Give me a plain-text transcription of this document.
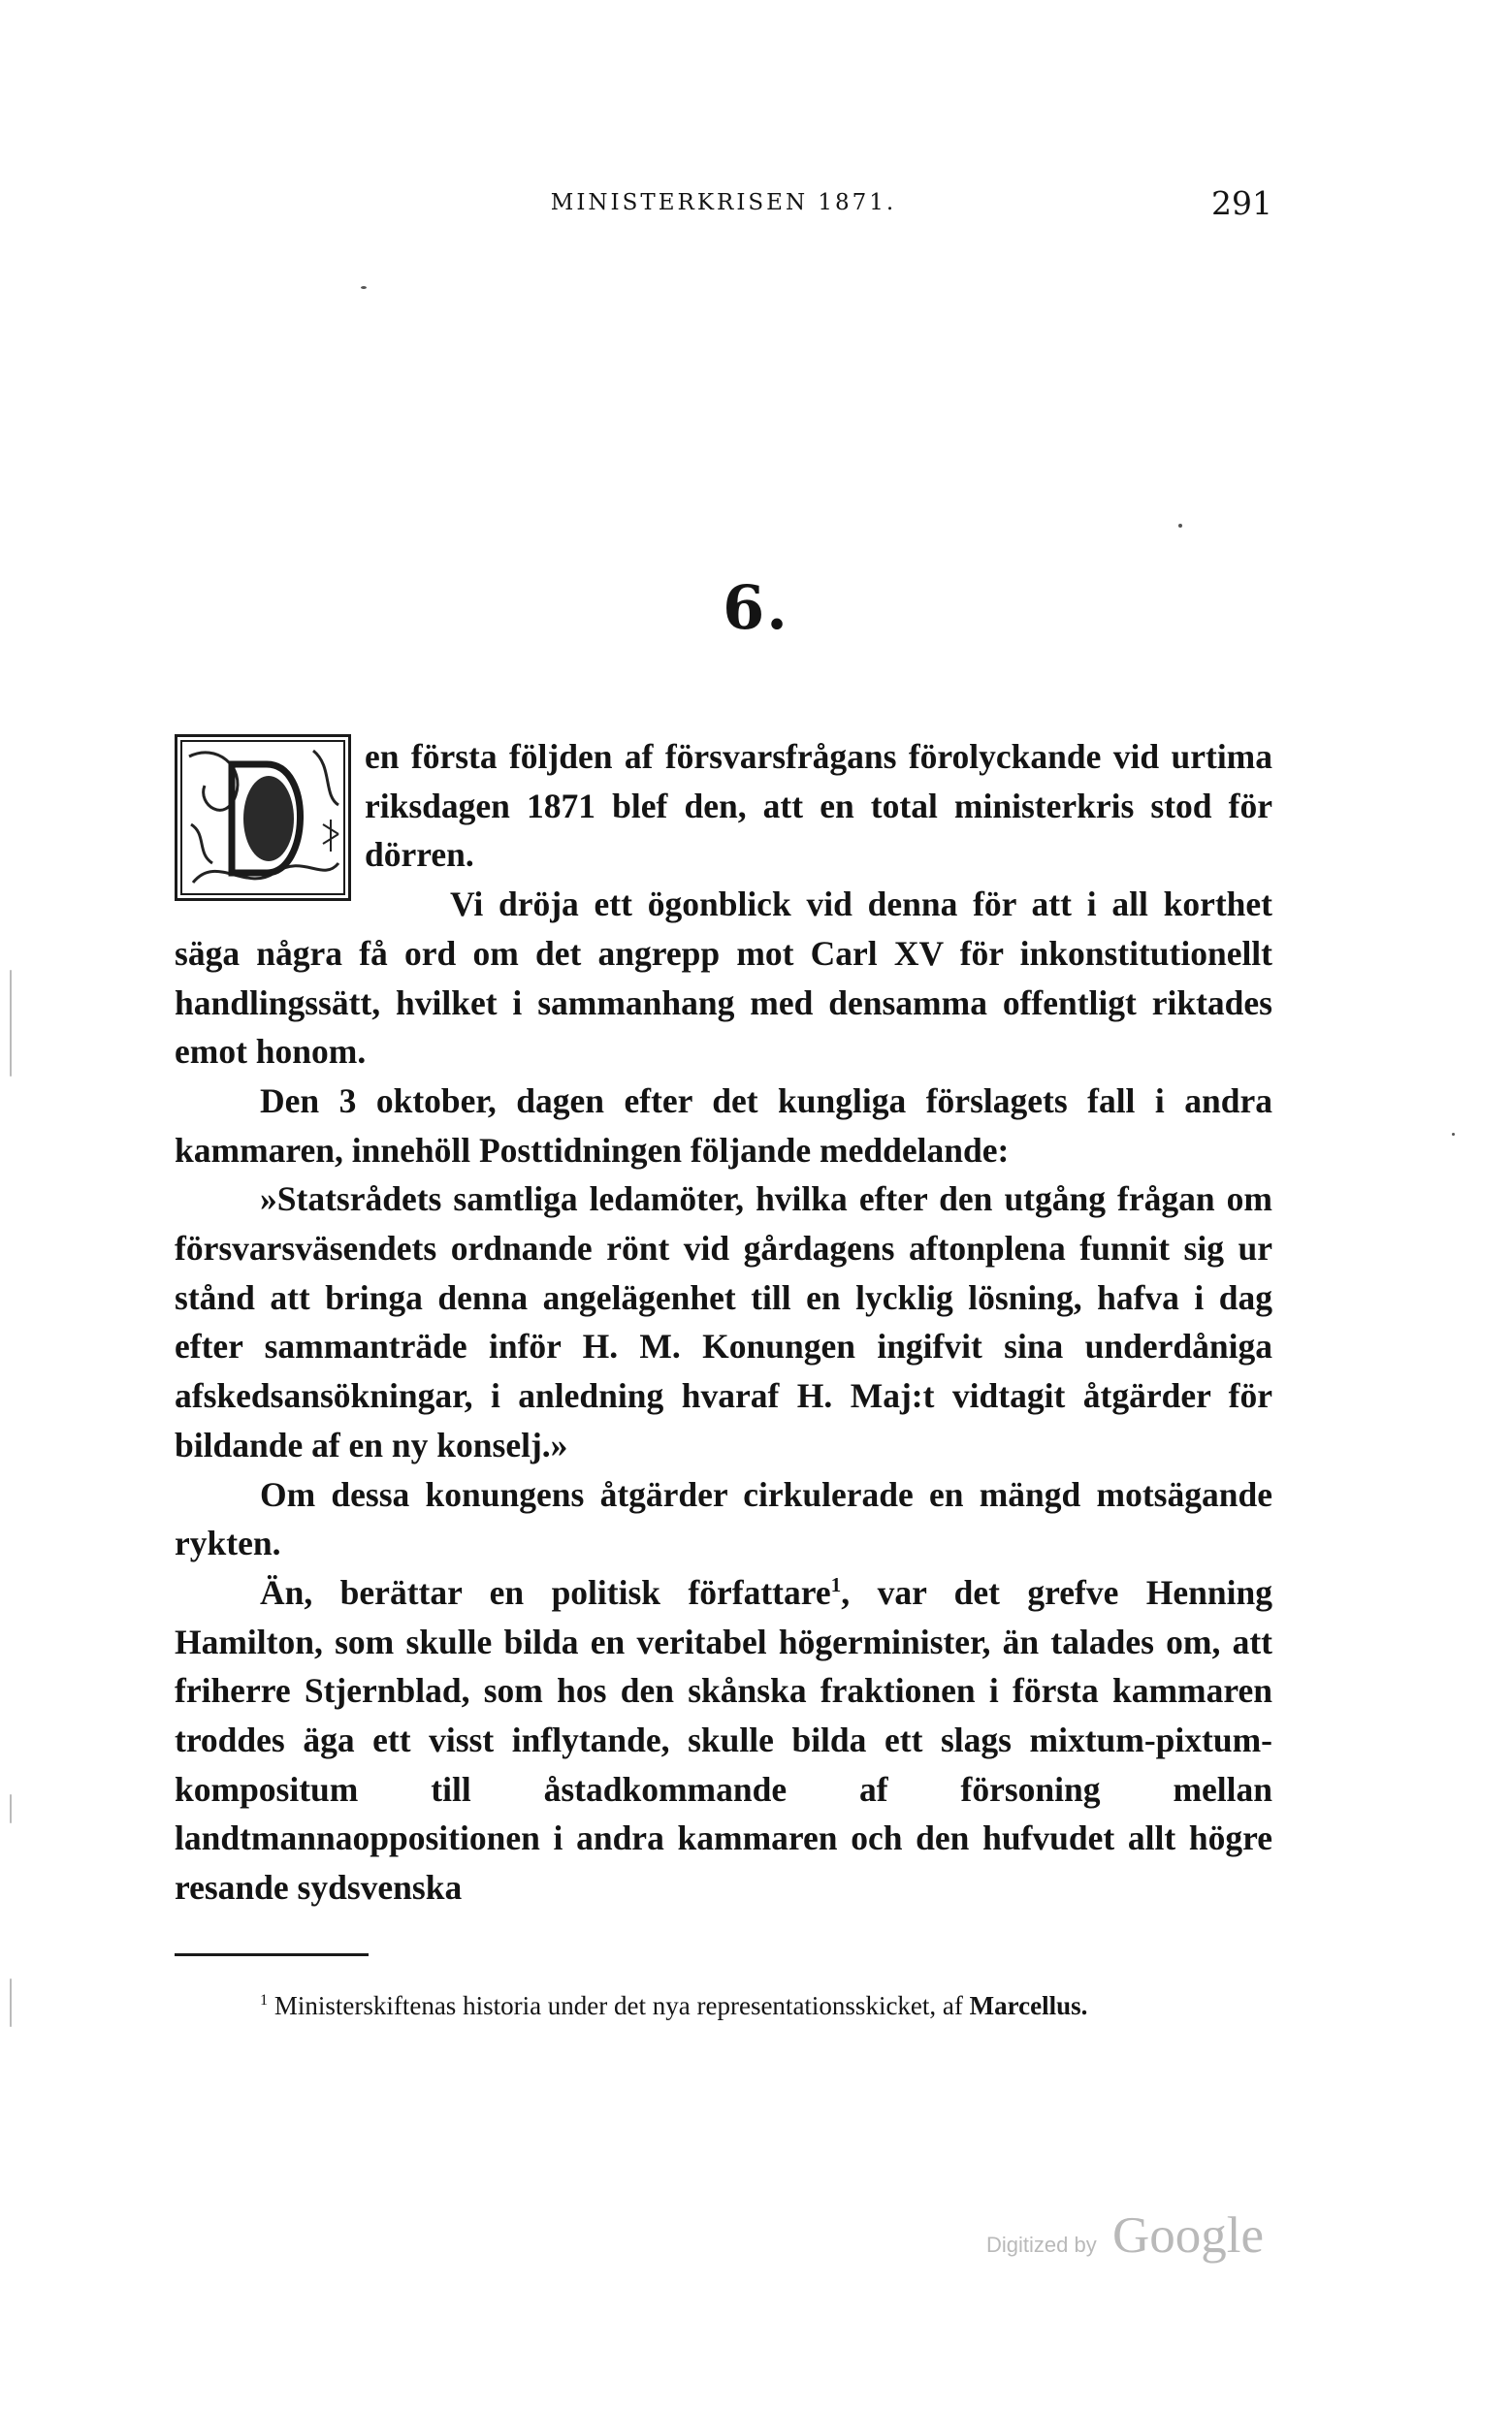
MINISTERKRISEN 1871.	291
6.

en första följden af försvarsfrågans förolyckande vid urtima riksdagen 1871 blef den, att en total ministerkris stod för dörren.

Vi dröja ett ögonblick vid denna för att i all korthet säga några få ord om det angrepp mot Carl XV för inkonstitutionellt handlingssätt, hvilket i sammanhang med densamma offentligt riktades emot honom.

Den 3 oktober, dagen efter det kungliga förslagets fall i andra kammaren, innehöll Posttidningen följande meddelande:

»Statsrådets samtliga ledamöter, hvilka efter den utgång frågan om försvarsväsendets ordnande rönt vid gårdagens aftonplena funnit sig ur stånd att bringa denna angelägenhet till en lycklig lösning, hafva i dag efter sammanträde inför H. M. Konungen ingifvit sina underdåniga afskedsansökningar, i anledning hvaraf H. Maj:t vidtagit åtgärder för bildande af en ny konselj.»

Om dessa konungens åtgärder cirkulerade en mängd motsägande rykten.

Än, berättar en politisk författare$^1$, var det grefve Henning Hamilton, som skulle bilda en veritabel högerminister, än talades om, att friherre Stjernblad, som hos den skånska fraktionen i första kammaren troddes äga ett visst inflytande, skulle bilda ett slags mixtum-pixtum-kompositum till åstadkommande af försoning mellan landtmannaoppositionen i andra kammaren och den hufvudet allt högre resande sydsvenska

$^1$ Ministerskiftenas historia under det nya representationsskicket, af Marcellus.
Digitized by Google
